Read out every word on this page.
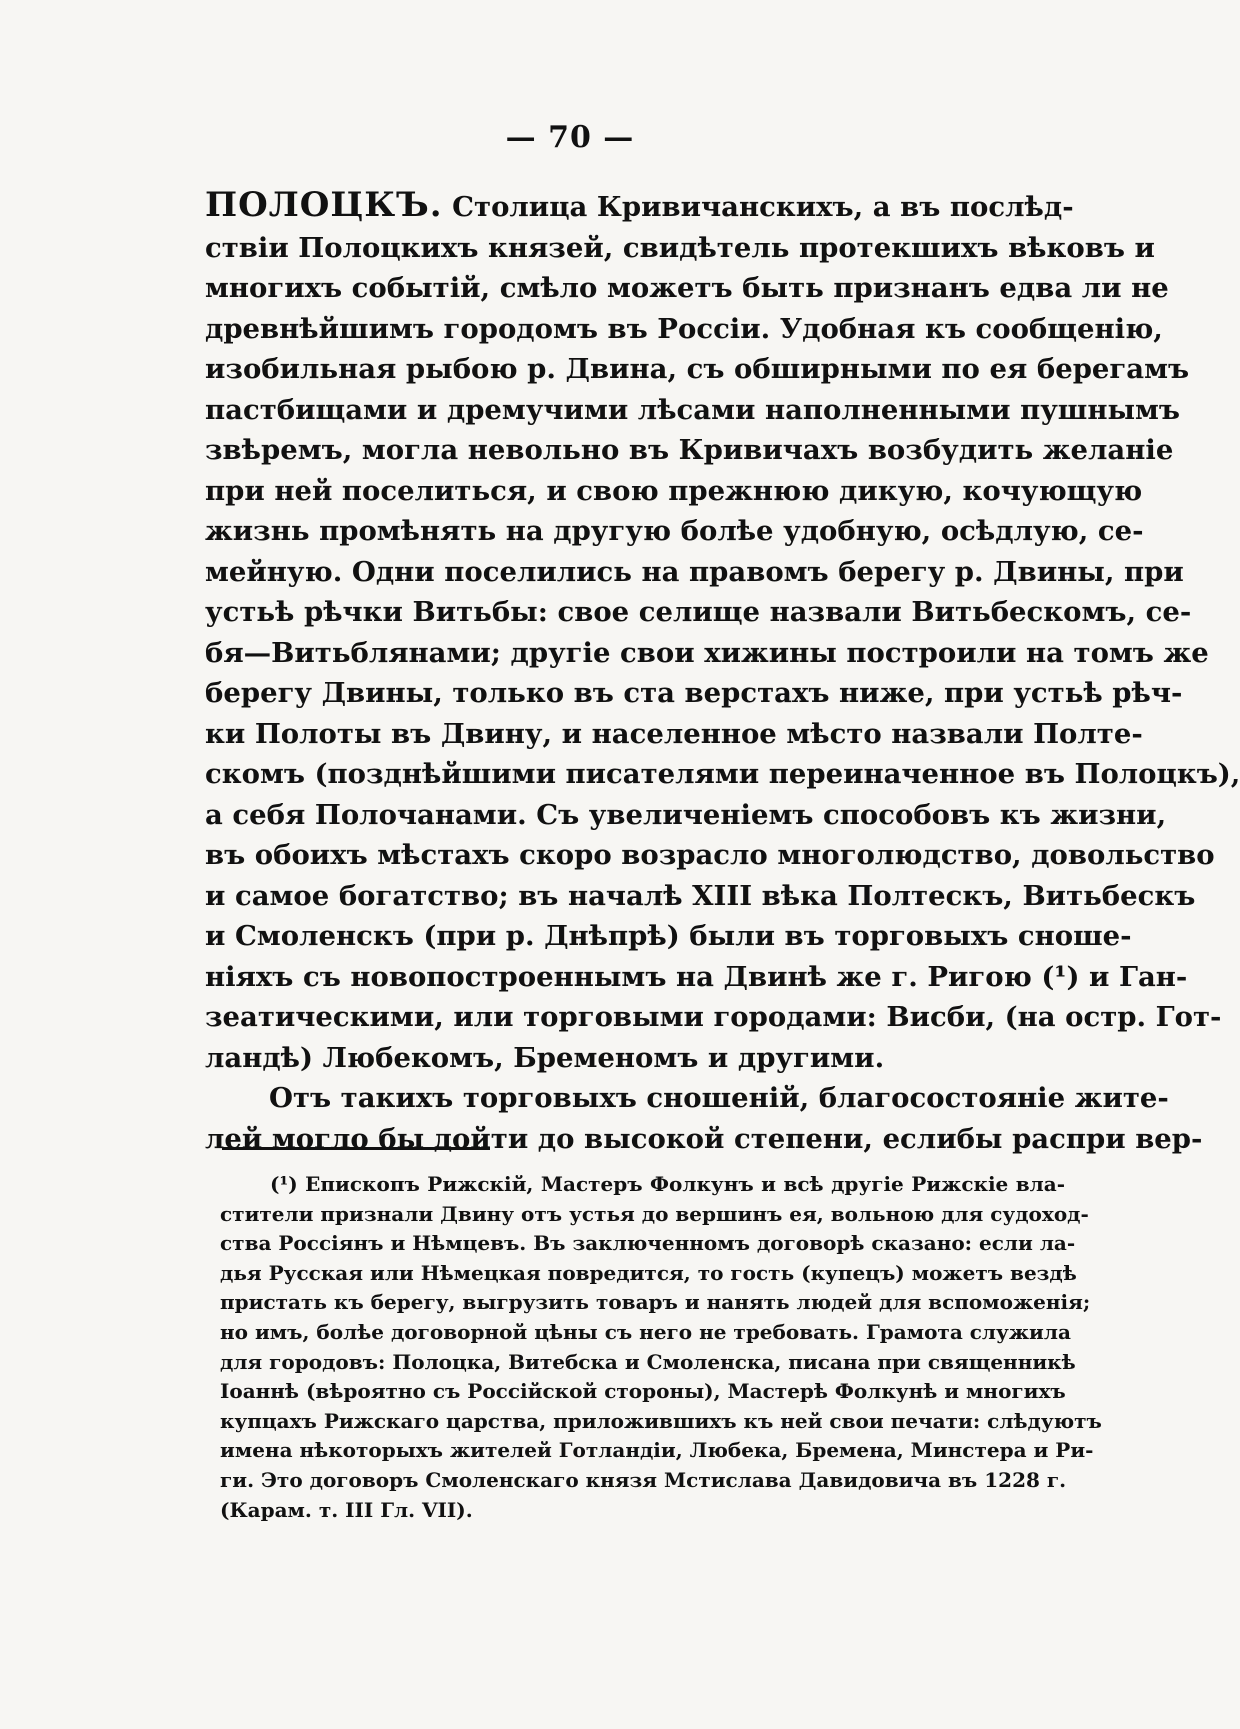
— 70 —
ПОЛОЦКЪ. Столица Кривичанскихъ, а въ послѣд-
ствіи Полоцкихъ князей, свидѣтель протекшихъ вѣковъ и
многихъ событій, смѣло можетъ быть признанъ едва ли не
древнѣйшимъ городомъ въ Россіи. Удобная къ сообщенію,
изобильная рыбою р. Двина, съ обширными по ея берегамъ
пастбищами и дремучими лѣсами наполненными пушнымъ
звѣремъ, могла невольно въ Кривичахъ возбудить желаніе
при ней поселиться, и свою прежнюю дикую, кочующую
жизнь промѣнять на другую болѣе удобную, осѣдлую, се-
мейную. Одни поселились на правомъ берегу р. Двины, при
устьѣ рѣчки Витьбы: свое селище назвали Витьбескомъ, се-
бя—Витьблянами; другіе свои хижины построили на томъ же
берегу Двины, только въ ста верстахъ ниже, при устьѣ рѣч-
ки Полоты въ Двину, и населенное мѣсто назвали Полте-
скомъ (позднѣйшими писателями переиначенное въ Полоцкъ),
а себя Полочанами. Съ увеличеніемъ способовъ къ жизни,
въ обоихъ мѣстахъ скоро возрасло многолюдство, довольство
и самое богатство; въ началѣ XIII вѣка Полтескъ, Витьбескъ
и Смоленскъ (при р. Днѣпрѣ) были въ торговыхъ сноше-
ніяхъ съ новопостроеннымъ на Двинѣ же г. Ригою (¹) и Ган-
зеатическими, или торговыми городами: Висби, (на остр. Гот-
ландѣ) Любекомъ, Бременомъ и другими.
Отъ такихъ торговыхъ сношеній, благосостояніе жите-
лей могло бы дойти до высокой степени, еслибы распри вер-
(¹) Епископъ Рижскій, Мастеръ Фолкунъ и всѣ другіе Рижскіе вла-
стители признали Двину отъ устья до вершинъ ея, вольною для судоход-
ства Россіянъ и Нѣмцевъ. Въ заключенномъ договорѣ сказано: если ла-
дья Русская или Нѣмецкая повредится, то гость (купецъ) можетъ вездѣ
пристать къ берегу, выгрузить товаръ и нанять людей для вспоможенія;
но имъ, болѣе договорной цѣны съ него не требовать. Грамота служила
для городовъ: Полоцка, Витебска и Смоленска, писана при священникѣ
Іоаннѣ (вѣроятно съ Россійской стороны), Мастерѣ Фолкунѣ и многихъ
купцахъ Рижскаго царства, приложившихъ къ ней свои печати: слѣдуютъ
имена нѣкоторыхъ жителей Готландіи, Любека, Бремена, Минстера и Ри-
ги. Это договоръ Смоленскаго князя Мстислава Давидовича въ 1228 г.
(Карам. т. III Гл. VII).
